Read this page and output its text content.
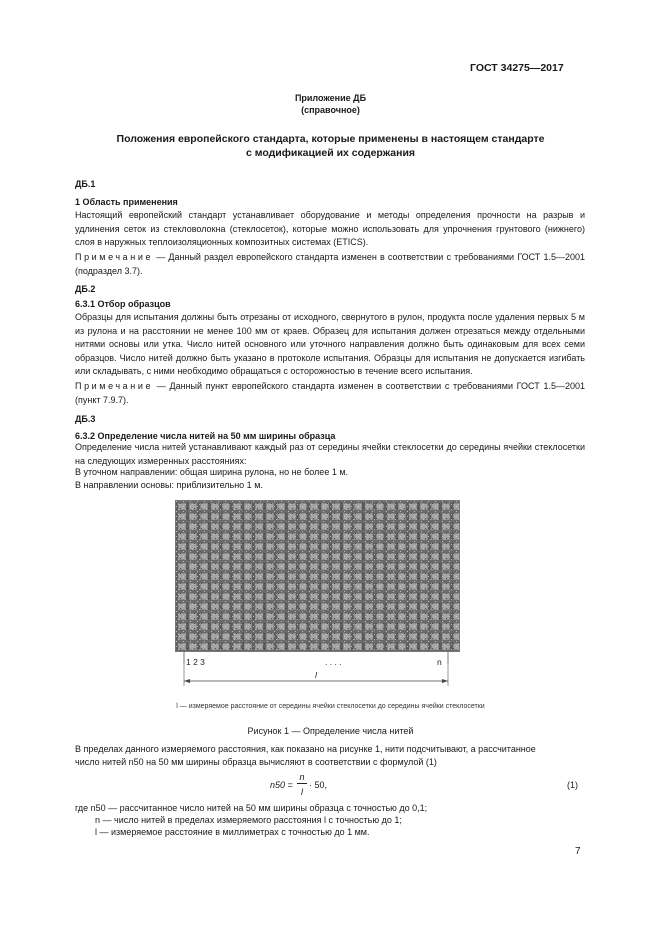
ГОСТ 34275—2017
Приложение ДБ
(справочное)
Положения европейского стандарта, которые применены в настоящем стандарте
с модификацией их содержания
ДБ.1
1 Область применения
Настоящий европейский стандарт устанавливает оборудование и методы определения прочности на разрыв и удлинения сеток из стекловолокна (стеклосеток), которые можно использовать для упрочнения грунтового (нижнего) слоя в наружных теплоизоляционных композитных системах (ETICS).
Примечание — Данный раздел европейского стандарта изменен в соответствии с требованиями ГОСТ 1.5—2001 (подраздел 3.7).
ДБ.2
6.3.1 Отбор образцов
Образцы для испытания должны быть отрезаны от исходного, свернутого в рулон, продукта после удаления первых 5 м из рулона и на расстоянии не менее 100 мм от краев. Образец для испытания должен отрезаться между отдельными нитями основы или утка. Число нитей основного или уточного направления должно быть одинаковым для всех семи образцов. Число нитей должно быть указано в протоколе испытания. Образцы для испытания не допускается изгибать или складывать, с ними необходимо обращаться с осторожностью в течение всего испытания.
Примечание — Данный пункт европейского стандарта изменен в соответствии с требованиями ГОСТ 1.5—2001 (пункт 7.9.7).
ДБ.3
6.3.2 Определение числа нитей на 50 мм ширины образца
Определение числа нитей устанавливают каждый раз от середины ячейки стеклосетки до середины ячейки стеклосетки на следующих измеренных расстояниях:
В уточном направлении: общая ширина рулона, но не более 1 м.
В направлении основы: приблизительно 1 м.
1 2 3	. . . .	n
l
l — измеряемое расстояние от середины ячейки стеклосетки до середины ячейки стеклосетки
Рисунок 1 — Определение числа нитей
В пределах данного измеряемого расстояния, как показано на рисунке 1, нити подсчитывают, а рассчитанное
число нитей n50 на 50 мм ширины образца вычисляют в соответствии с формулой (1)
n50 =
n
l
· 50,	(1)
где n50 — рассчитанное число нитей на 50 мм ширины образца с точностью до 0,1;
n — число нитей в пределах измеряемого расстояния l с точностью до 1;
l — измеряемое расстояние в миллиметрах с точностью до 1 мм.
7
